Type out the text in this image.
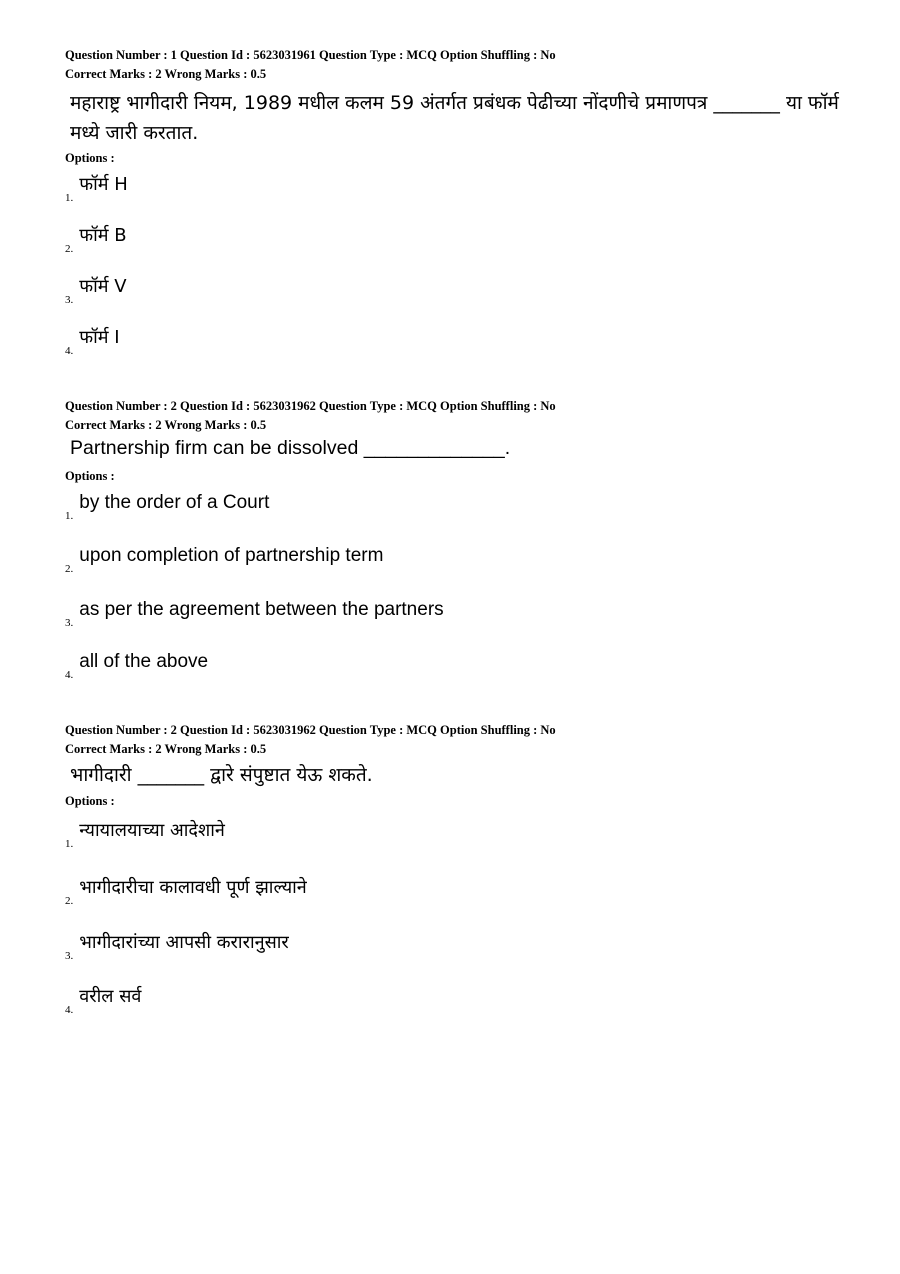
Question Number : 1 Question Id : 5623031961 Question Type : MCQ Option Shuffling : No
Correct Marks : 2 Wrong Marks : 0.5
महाराष्ट्र भागीदारी नियम, 1989 मधील कलम 59 अंतर्गत प्रबंधक पेढीच्या नोंदणीचे प्रमाणपत्र _______ या फॉर्म मध्ये जारी करतात.
Options :
1.फॉर्म H
2.फॉर्म B
3.फॉर्म V
4.फॉर्म I
Question Number : 2 Question Id : 5623031962 Question Type : MCQ Option Shuffling : No
Correct Marks : 2 Wrong Marks : 0.5
Partnership firm can be dissolved _____________.
Options :
1.by the order of a Court
2.upon completion of partnership term
3.as per the agreement between the partners
4.all of the above
Question Number : 2 Question Id : 5623031962 Question Type : MCQ Option Shuffling : No
Correct Marks : 2 Wrong Marks : 0.5
भागीदारी _______ द्वारे संपुष्टात येऊ शकते.
Options :
1.न्यायालयाच्या आदेशाने
2.भागीदारीचा कालावधी पूर्ण झाल्याने
3.भागीदारांच्या आपसी करारानुसार
4.वरील सर्व
